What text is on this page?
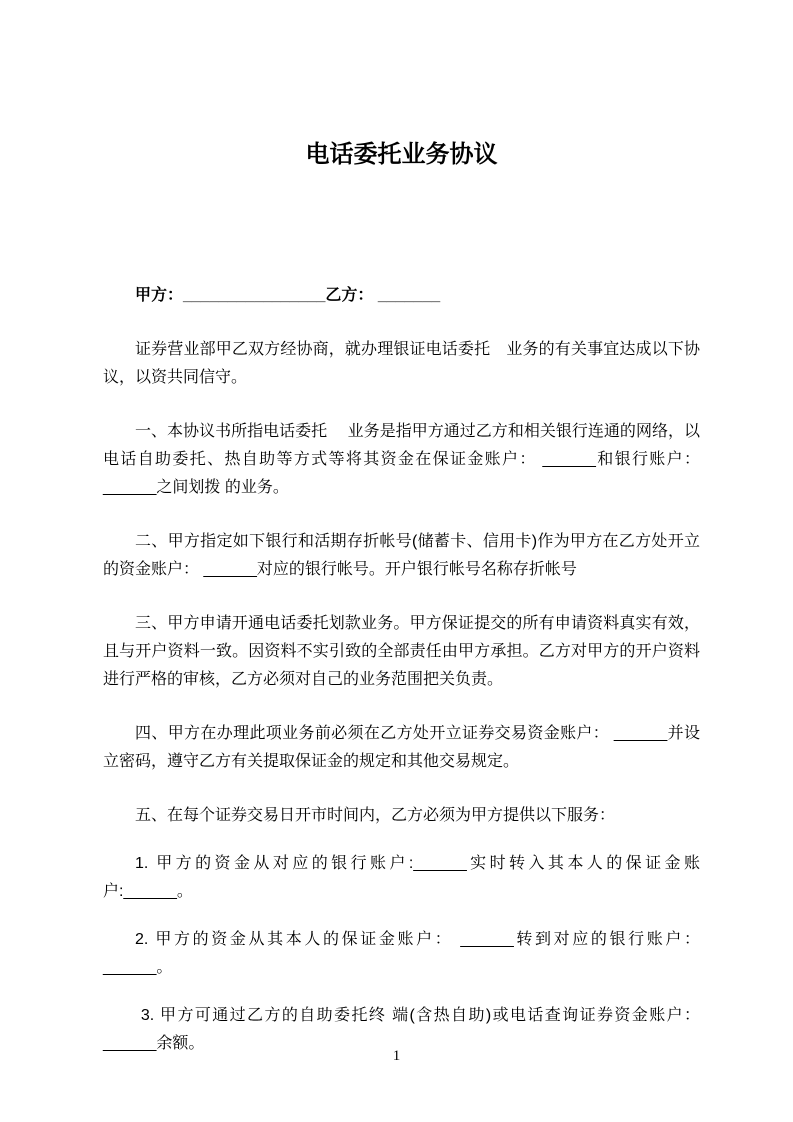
电话委托业务协议

甲方：________________乙方： _______

证券营业部甲乙双方经协商，就办理银证电话委托　业务的有关事宜达成以下协议，以资共同信守。

一、本协议书所指电话委托　 业务是指甲方通过乙方和相关银行连通的网络，以电话自助委托、热自助等方式等将其资金在保证金账户： ______和银行账户： ______之间划拨 的业务。

二、甲方指定如下银行和活期存折帐号(储蓄卡、信用卡)作为甲方在乙方处开立的资金账户： ______对应的银行帐号。开户银行帐号名称存折帐号

三、甲方申请开通电话委托划款业务。甲方保证提交的所有申请资料真实有效，且与开户资料一致。因资料不实引致的全部责任由甲方承担。乙方对甲方的开户资料进行严格的审核，乙方必须对自己的业务范围把关负责。

四、甲方在办理此项业务前必须在乙方处开立证券交易资金账户： ______并设立密码，遵守乙方有关提取保证金的规定和其他交易规定。

五、在每个证券交易日开市时间内，乙方必须为甲方提供以下服务：

1. 甲方的资金从对应的银行账户:______实时转入其本人的保证金账户:______。

2. 甲方的资金从其本人的保证金账户： ______转到对应的银行账户： ______。

3. 甲方可通过乙方的自助委托终 端(含热自助)或电话查询证券资金账户： ______余额。

1
